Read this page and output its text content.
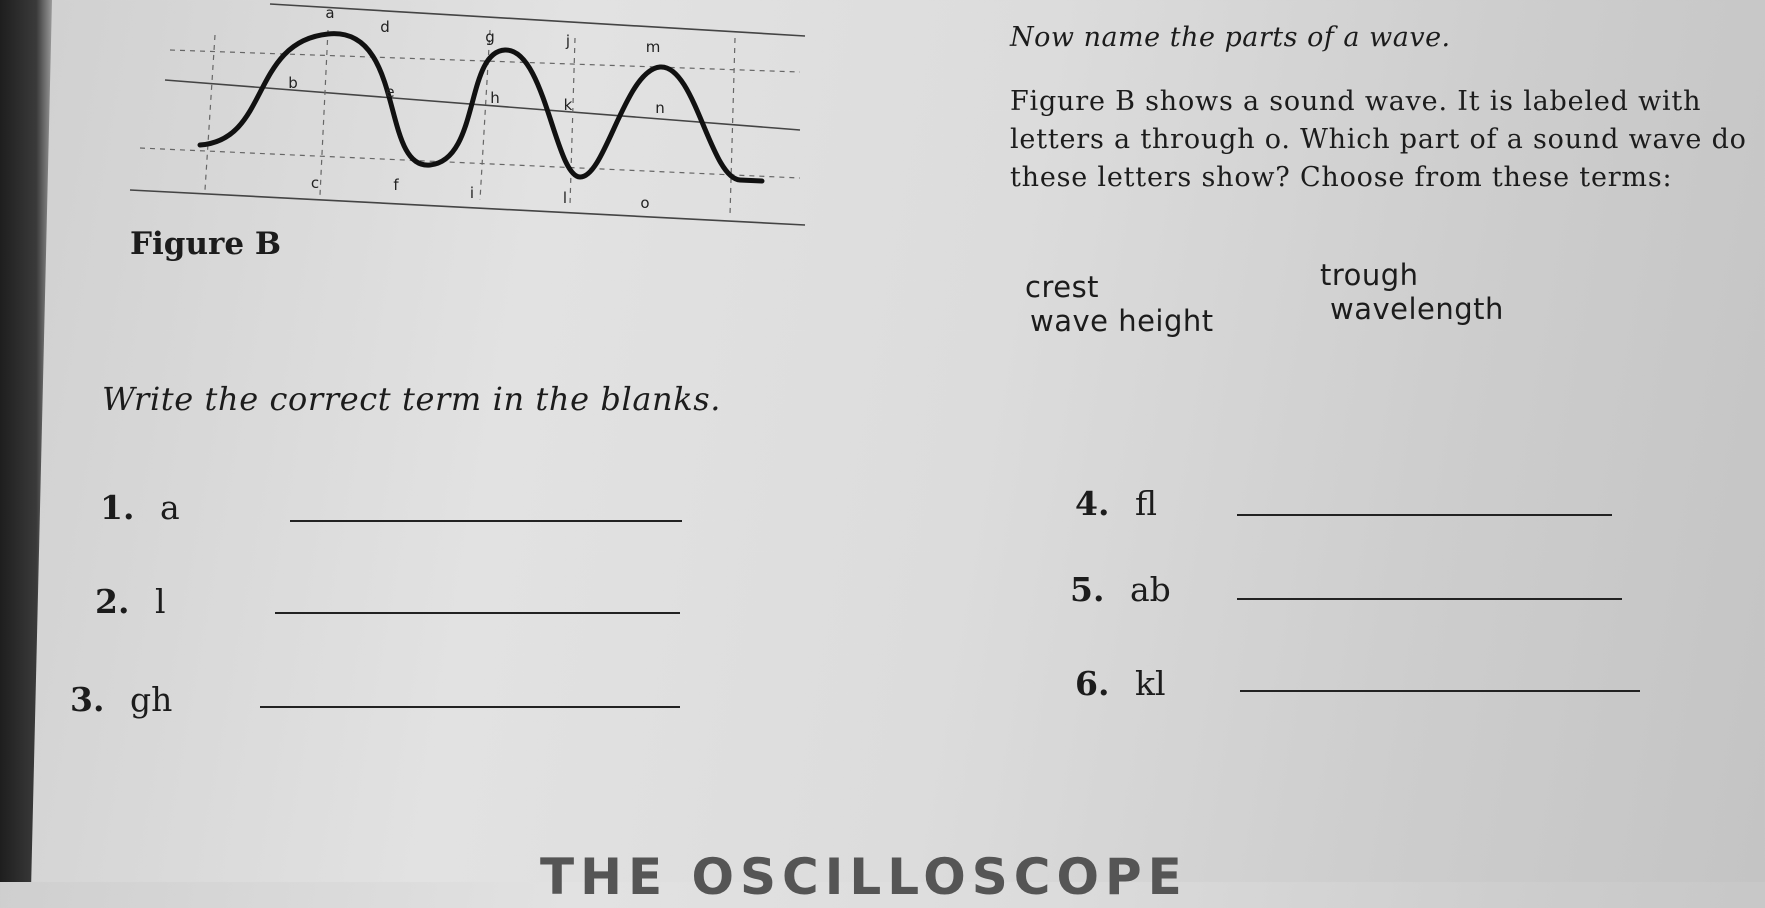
a
b
c
d
e
f
g
h
i
j
k
l
m
n
o
Figure B

Now name the parts of a wave.

Figure B shows a sound wave. It is labeled with letters a through o. Which part of a sound wave do these letters show? Choose from these terms:

crest	trough
wave height	wavelength
Write the correct term in the blanks.
1. a
2. l
3. gh
4. fl
5. ab
6. kl
THE OSCILLOSCOPE
